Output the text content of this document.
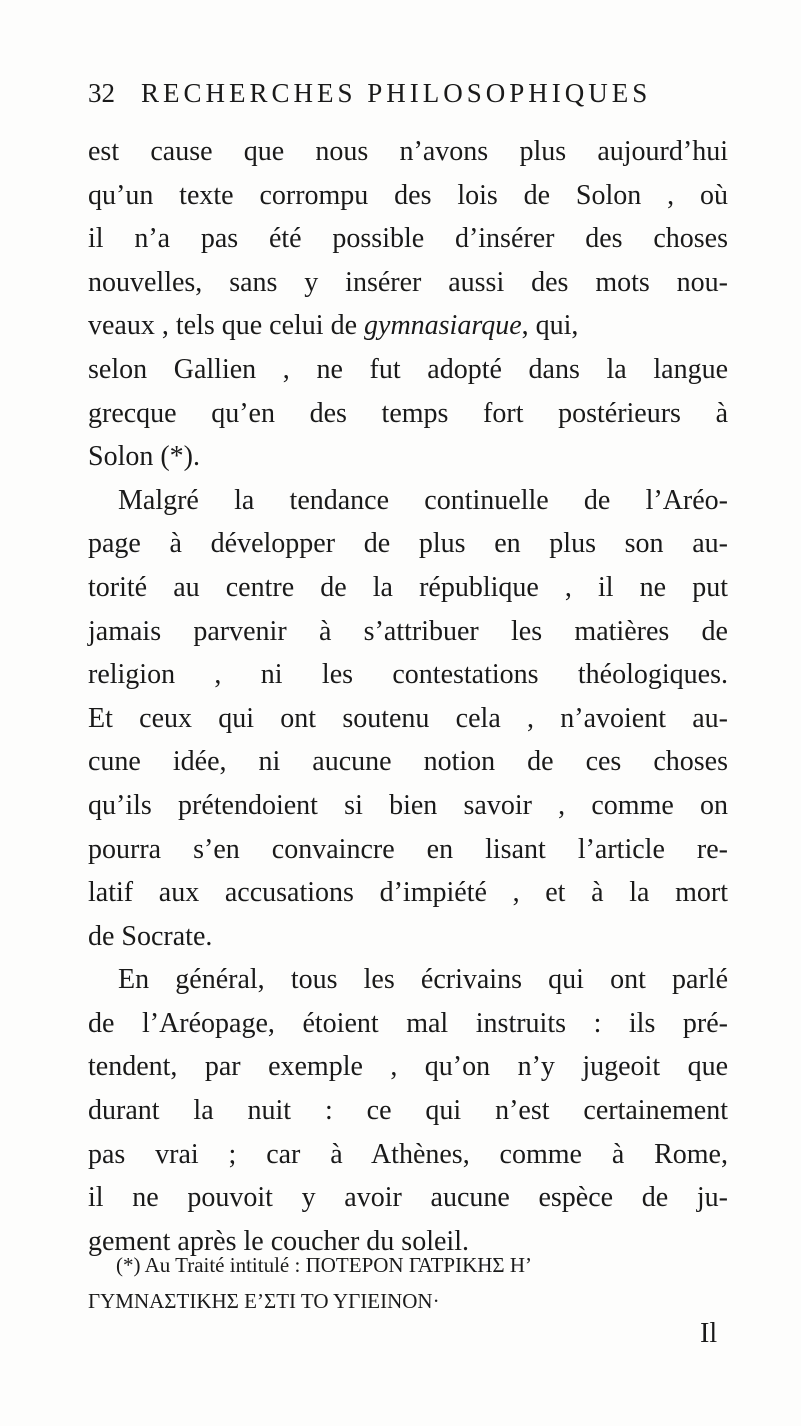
32 RECHERCHES PHILOSOPHIQUES
est cause que nous n’avons plus aujourd’hui
qu’un texte corrompu des lois de Solon , où
il n’a pas été possible d’insérer des choses
nouvelles, sans y insérer aussi des mots nou-
veaux , tels que celui de gymnasiarque, qui,
selon Gallien , ne fut adopté dans la langue
grecque qu’en des temps fort postérieurs à
Solon (*).
Malgré la tendance continuelle de l’Aréo-
page à développer de plus en plus son au-
torité au centre de la république , il ne put
jamais parvenir à s’attribuer les matières de
religion , ni les contestations théologiques.
Et ceux qui ont soutenu cela , n’avoient au-
cune idée, ni aucune notion de ces choses
qu’ils prétendoient si bien savoir , comme on
pourra s’en convaincre en lisant l’article re-
latif aux accusations d’impiété , et à la mort
de Socrate.
En général, tous les écrivains qui ont parlé
de l’Aréopage, étoient mal instruits : ils pré-
tendent, par exemple , qu’on n’y jugeoit que
durant la nuit : ce qui n’est certainement
pas vrai ; car à Athènes, comme à Rome,
il ne pouvoit y avoir aucune espèce de ju-
gement après le coucher du soleil.
(*) Au Traité intitulé : ΠΟΤΕΡΟΝ ΓΑΤΡΙΚΗΣ Η’
ΓΥΜΝΑΣΤΙΚΗΣ Ε’ΣΤΙ ΤΟ ΥΓΙΕΙΝΟΝ·
Il
